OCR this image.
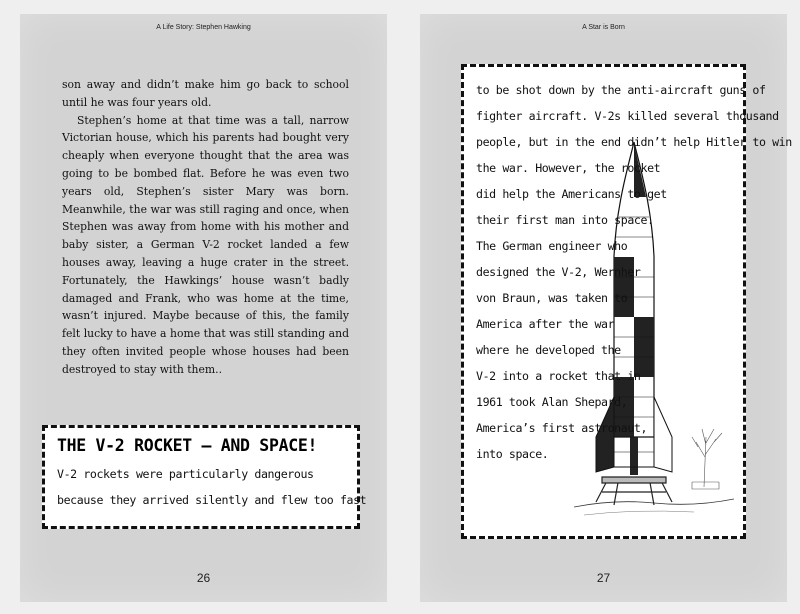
A Life Story: Stephen Hawking

son away and didn’t make him go back to school until he was four years old.

Stephen’s home at that time was a tall, narrow Victorian house, which his parents had bought very cheaply when everyone thought that the area was going to be bombed flat. Before he was even two years old, Stephen’s sister Mary was born. Meanwhile, the war was still raging and once, when Stephen was away from home with his mother and baby sister, a German V-2 rocket landed a few houses away, leaving a huge crater in the street. Fortunately, the Hawkings’ house wasn’t badly damaged and Frank, who was home at the time, wasn’t injured. Maybe because of this, the family felt lucky to have a home that was still standing and they often invited people whose houses had been destroyed to stay with them..

THE V-2 ROCKET – AND SPACE!
V-2 rockets were particularly dangerous
because they arrived silently and flew too fast
26
A Star is Born
to be shot down by the anti-aircraft guns of
fighter aircraft. V-2s killed several thousand
people, but in the end didn’t help Hitler to win
the war. However, the rocket
did help the Americans to get
their first man into space.
The German engineer who
designed the V-2, Wernher
von Braun, was taken to
America after the war
where he developed the
V-2 into a rocket that in
1961 took Alan Shepard,
America’s first astronaut,
into space.
27
